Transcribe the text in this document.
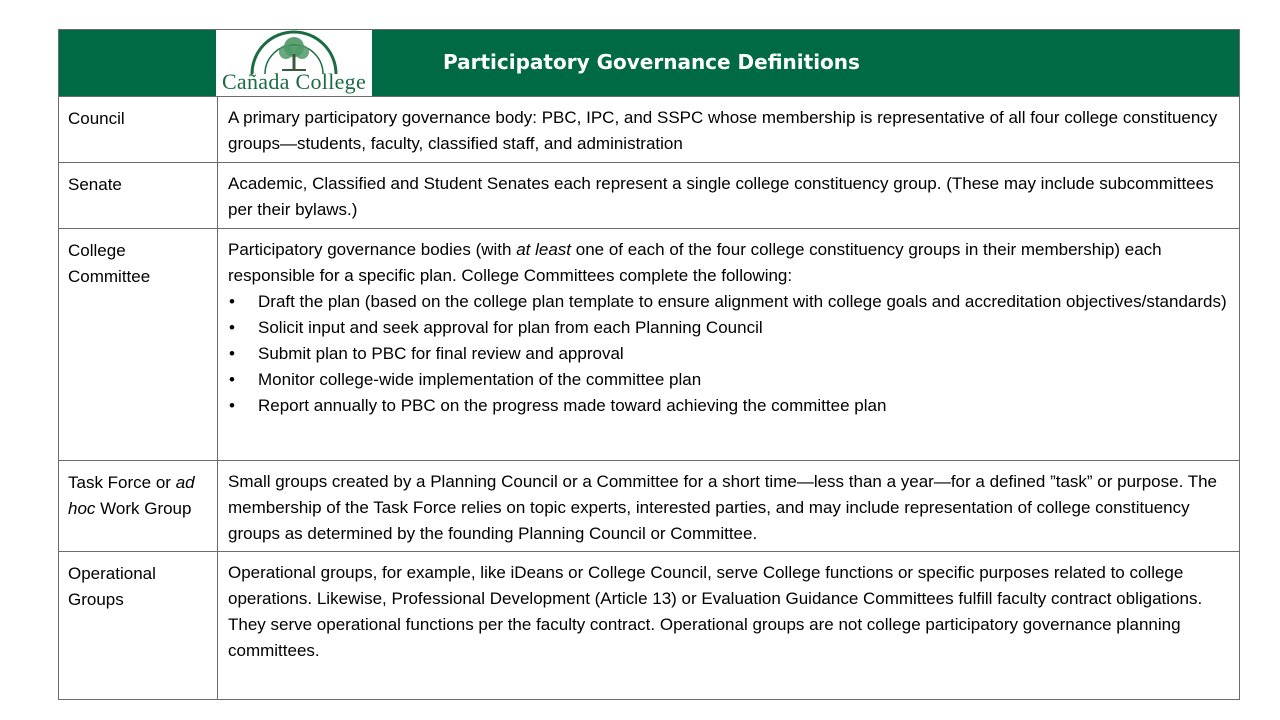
Cañada College
Participatory Governance Definitions
Council	A primary participatory governance body: PBC, IPC, and SSPC whose membership is representative of all four college constituency groups—students, faculty, classified staff, and administration
Senate	Academic, Classified and Student Senates each represent a single college constituency group. (These may include subcommittees per their bylaws.)
College Committee
Participatory governance bodies (with at least one of each of the four college constituency groups in their membership) each responsible for a specific plan. College Committees complete the following:
• Draft the plan (based on the college plan template to ensure alignment with college goals and accreditation objectives/standards)
• Solicit input and seek approval for plan from each Planning Council
• Submit plan to PBC for final review and approval
• Monitor college-wide implementation of the committee plan
• Report annually to PBC on the progress made toward achieving the committee plan
Task Force or ad hoc Work Group
Small groups created by a Planning Council or a Committee for a short time—less than a year—for a defined ”task” or purpose. The membership of the Task Force relies on topic experts, interested parties, and may include representation of college constituency groups as determined by the founding Planning Council or Committee.
Operational Groups
Operational groups, for example, like iDeans or College Council, serve College functions or specific purposes related to college operations. Likewise, Professional Development (Article 13) or Evaluation Guidance Committees fulfill faculty contract obligations. They serve operational functions per the faculty contract. Operational groups are not college participatory governance planning committees.
